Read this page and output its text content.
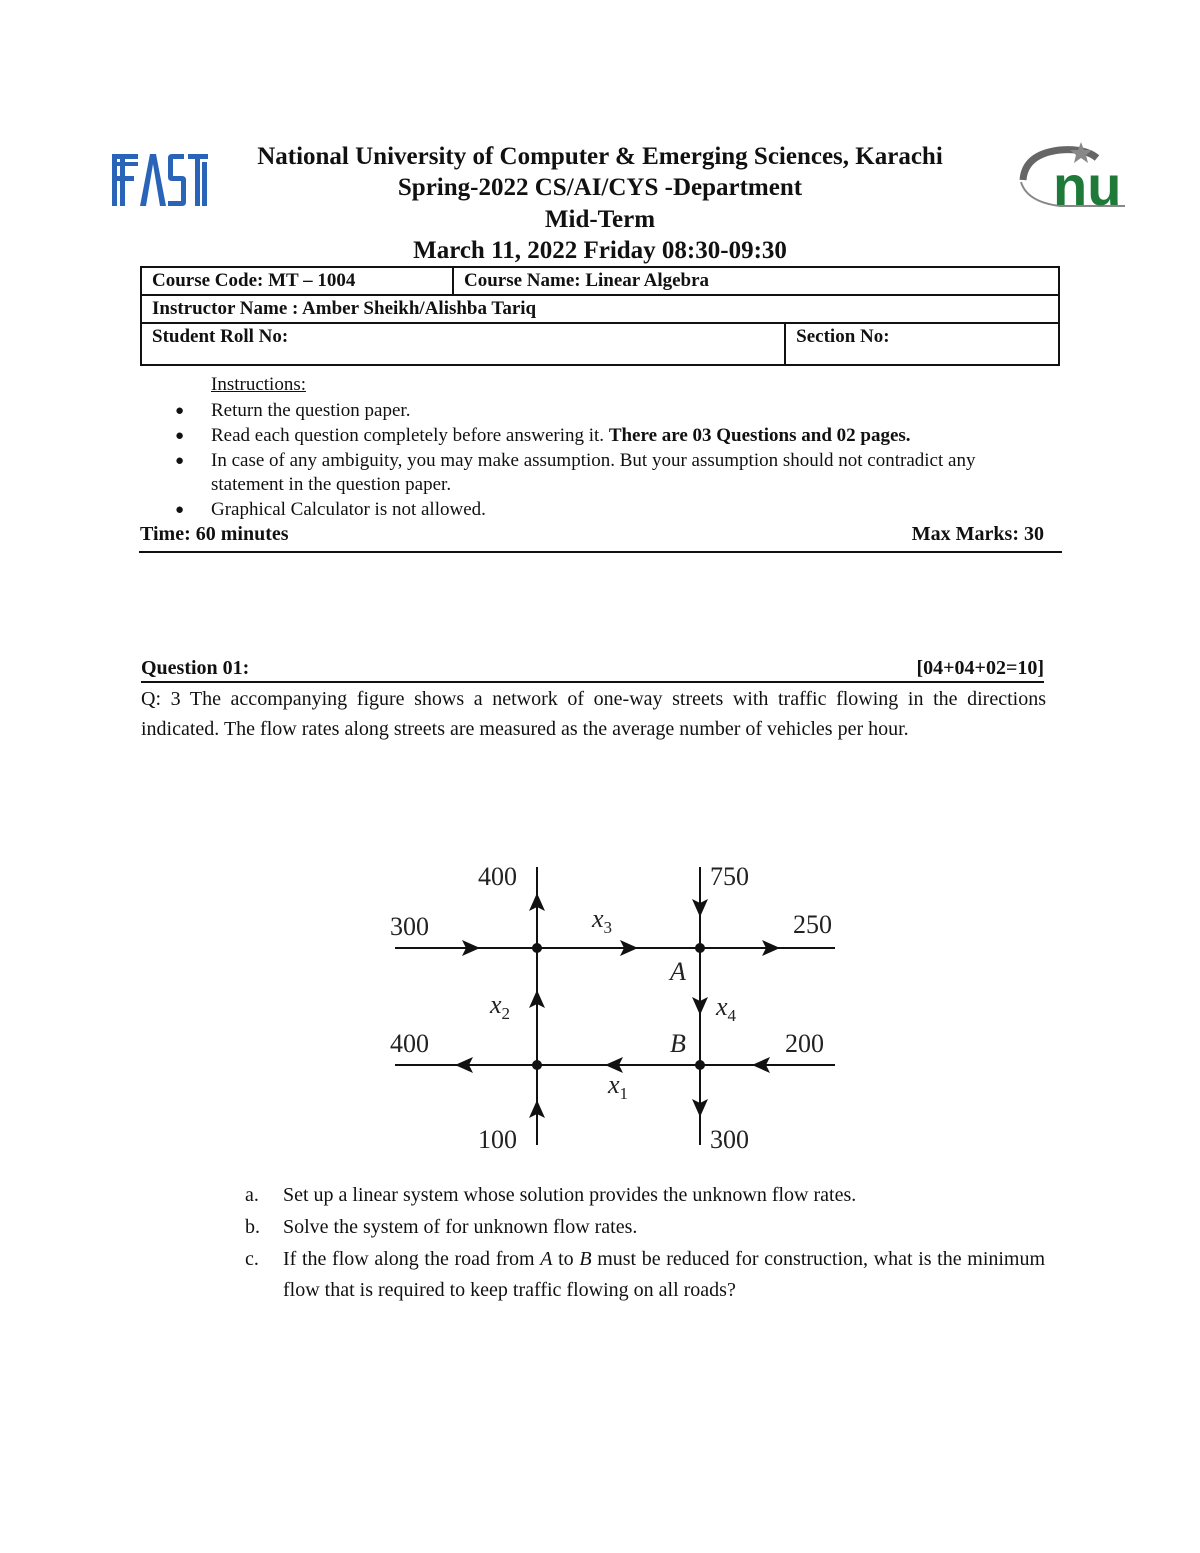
nu
National University of Computer & Emerging Sciences, Karachi
Spring-2022 CS/AI/CYS -Department
Mid-Term
March 11, 2022 Friday 08:30-09:30
Course Code: MT – 1004	Course Name: Linear Algebra	
Instructor Name : Amber Sheikh/Alishba Tariq		
Student Roll No:		Section No:
Instructions:
● Return the question paper.
● Read each question completely before answering it. There are 03 Questions and 02 pages.
● In case of any ambiguity, you may make assumption. But your assumption should not contradict any statement in the question paper.
● Graphical Calculator is not allowed.
Time: 60 minutes	Max Marks: 30
Question 01:	[04+04+02=10]
Q: 3 The accompanying figure shows a network of one-way streets with traffic flowing in the directions indicated. The flow rates along streets are measured as the average number of vehicles per hour.
400	750
300	250
400	200
100	300
$x_3$
$x_2$	$x_4$
$x_1$
A
B
a. Set up a linear system whose solution provides the unknown flow rates.
b. Solve the system of for unknown flow rates.
c. If the flow along the road from A to B must be reduced for construction, what is the minimum flow that is required to keep traffic flowing on all roads?
